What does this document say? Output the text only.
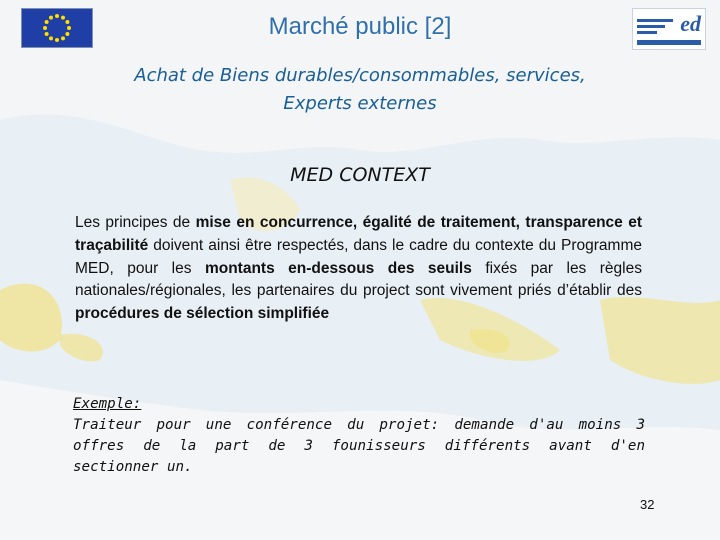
ed
Marché public [2]
Achat de Biens durables/consommables, services,
Experts externes
MED CONTEXT
Les principes de mise en concurrence, égalité de traitement, transparence et traçabilité doivent ainsi être respectés, dans le cadre du contexte du Programme MED, pour les montants en-dessous des seuils fixés par les règles nationales/régionales, les partenaires du project sont vivement priés d’établir des procédures de sélection simplifiée
Exemple:
Traiteur pour une conférence du projet: demande d'au moins 3 offres de la part de 3 founisseurs différents avant d'en sectionner un.
32
